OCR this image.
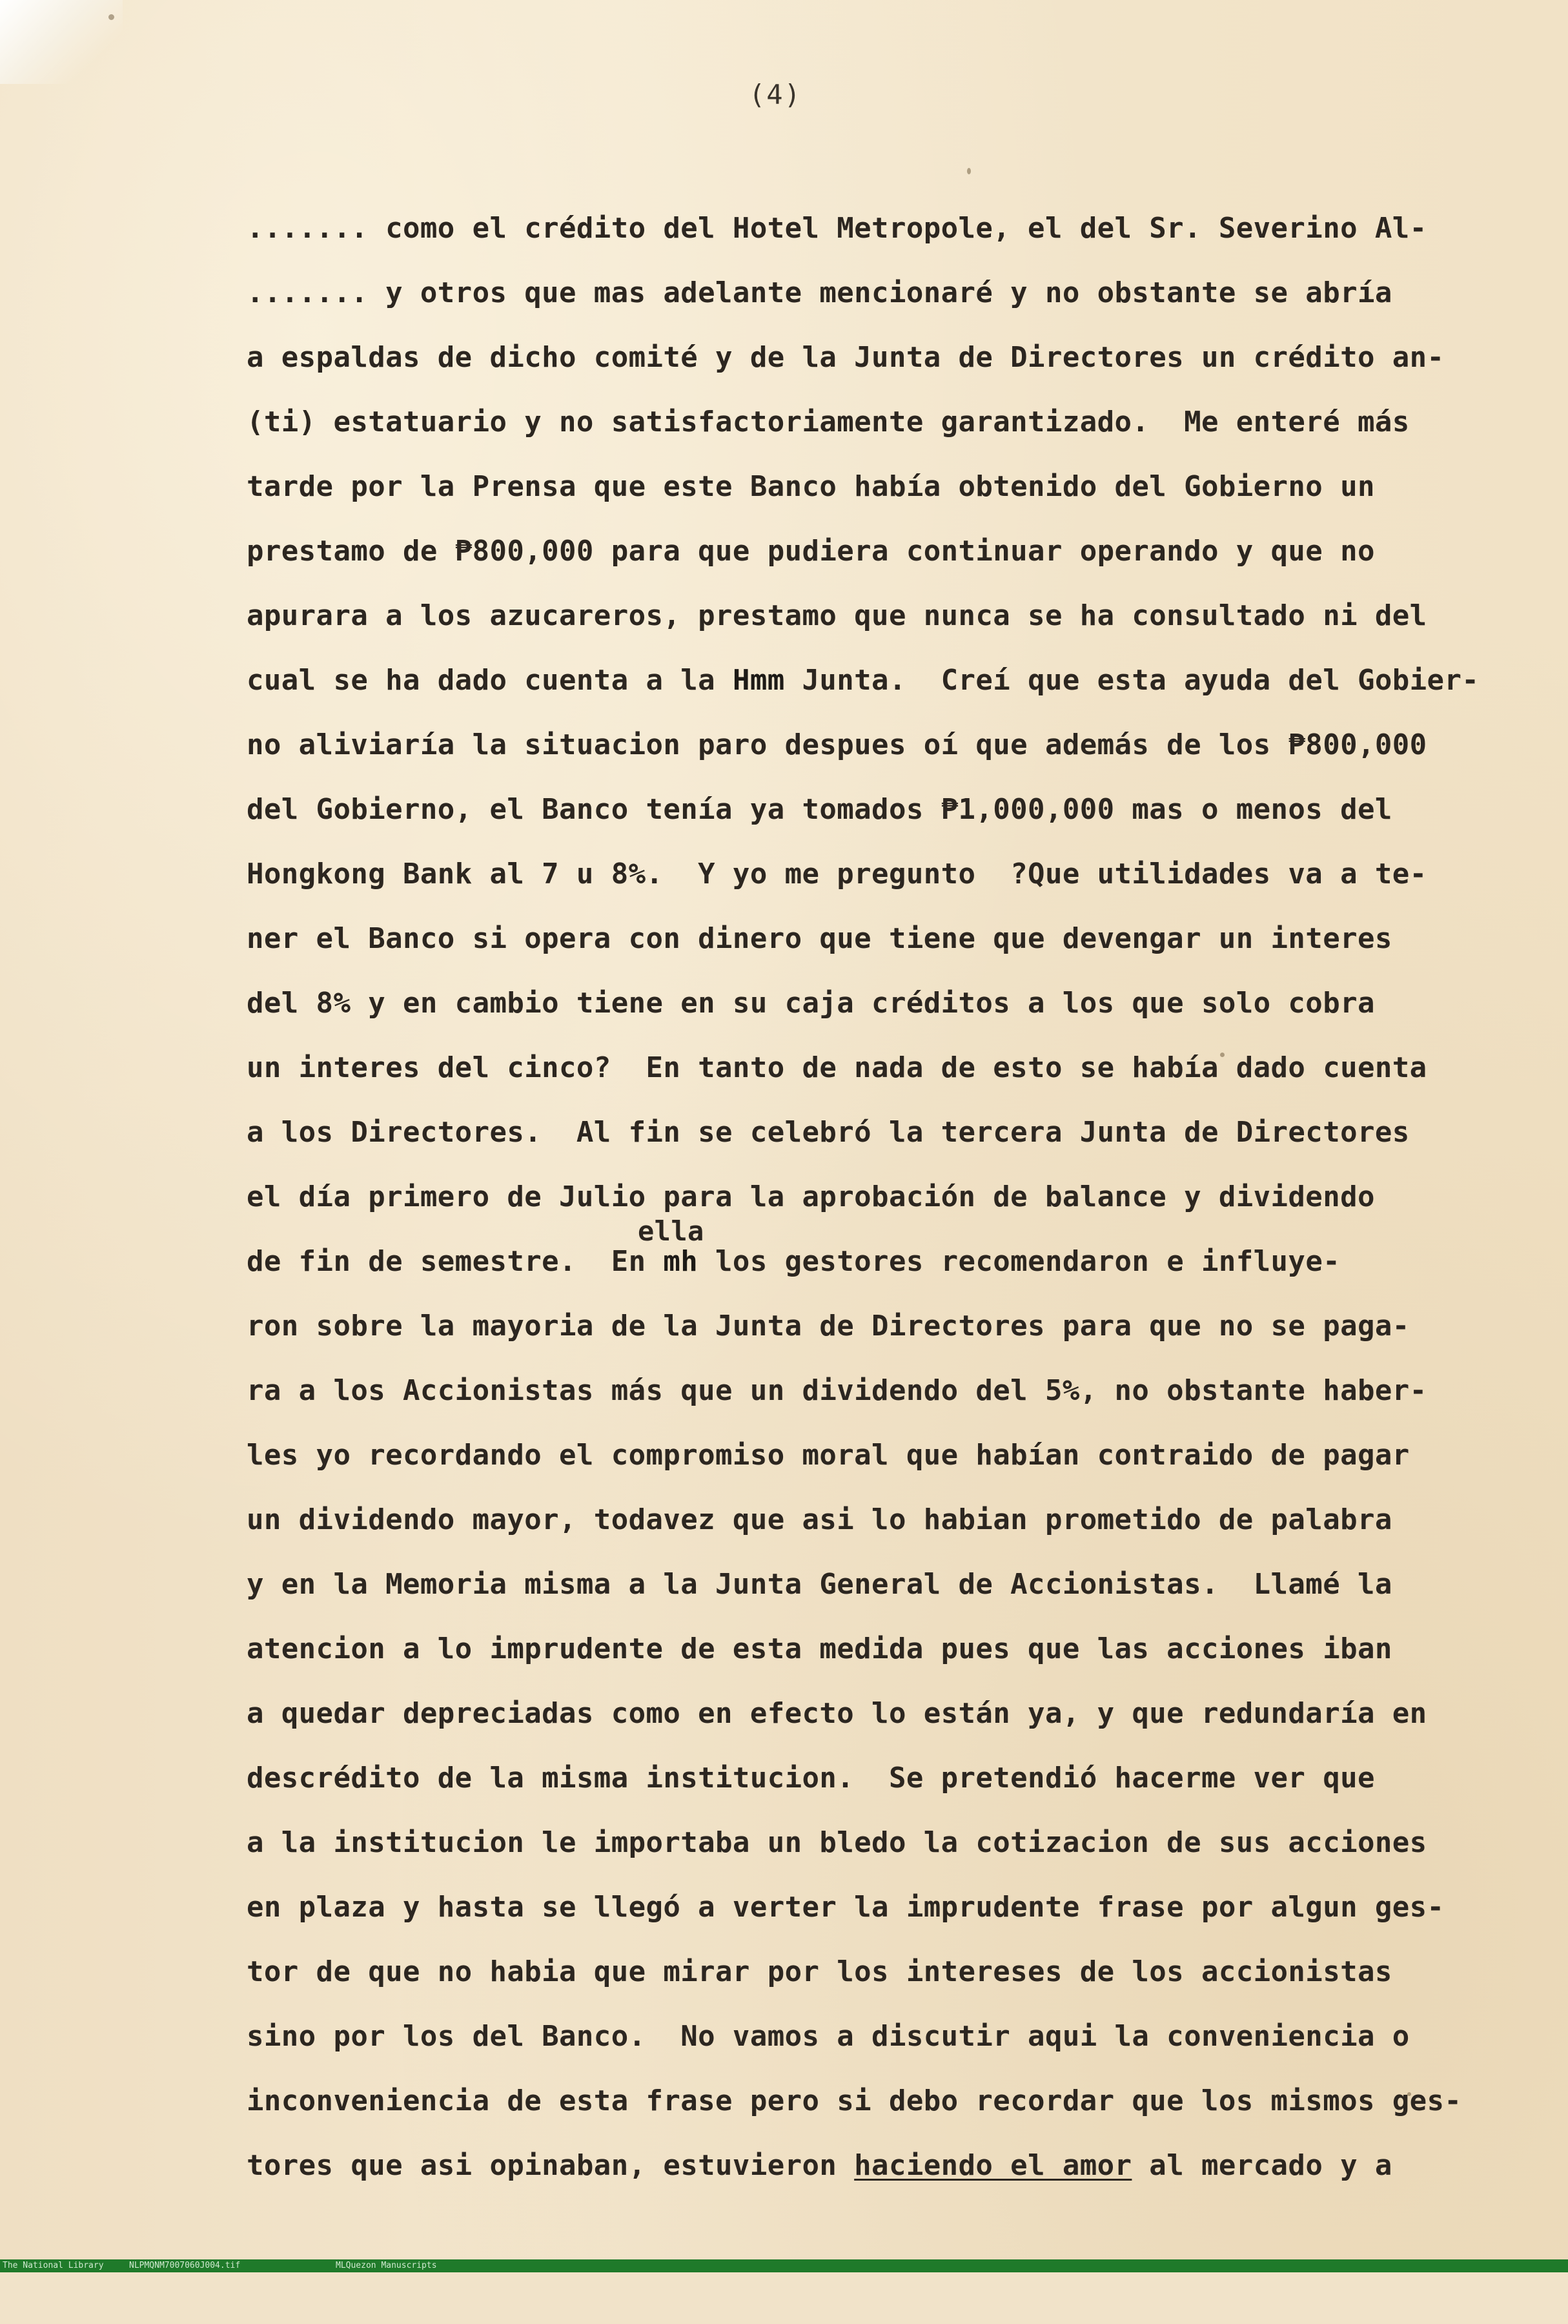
(4)
....... como el crédito del Hotel Metropole, el del Sr. Severino Al-
....... y otros que mas adelante mencionaré y no obstante se abría
a espaldas de dicho comité y de la Junta de Directores un crédito an-
(ti) estatuario y no satisfactoriamente garantizado.  Me enteré más
tarde por la Prensa que este Banco había obtenido del Gobierno un
prestamo de ₱800,000 para que pudiera continuar operando y que no
apurara a los azucareros, prestamo que nunca se ha consultado ni del
cual se ha dado cuenta a la Hmm Junta.  Creí que esta ayuda del Gobier-
no aliviaría la situacion paro despues oí que además de los ₱800,000
del Gobierno, el Banco tenía ya tomados ₱1,000,000 mas o menos del
Hongkong Bank al 7 u 8%.  Y yo me pregunto  ?Que utilidades va a te-
ner el Banco si opera con dinero que tiene que devengar un interes
del 8% y en cambio tiene en su caja créditos a los que solo cobra
un interes del cinco?  En tanto de nada de esto se había dado cuenta
a los Directores.  Al fin se celebró la tercera Junta de Directores
el día primero de Julio para la aprobación de balance y dividendo
de fin de semestre.  En mh los gestores recomendaron e influye-
ron sobre la mayoria de la Junta de Directores para que no se paga-
ra a los Accionistas más que un dividendo del 5%, no obstante haber-
les yo recordando el compromiso moral que habían contraido de pagar
un dividendo mayor, todavez que asi lo habian prometido de palabra
y en la Memoria misma a la Junta General de Accionistas.  Llamé la
atencion a lo imprudente de esta medida pues que las acciones iban
a quedar depreciadas como en efecto lo están ya, y que redundaría en
descrédito de la misma institucion.  Se pretendió hacerme ver que
a la institucion le importaba un bledo la cotizacion de sus acciones
en plaza y hasta se llegó a verter la imprudente frase por algun ges-
tor de que no habia que mirar por los intereses de los accionistas
sino por los del Banco.  No vamos a discutir aqui la conveniencia o
inconveniencia de esta frase pero si debo recordar que los mismos ges-
tores que asi opinaban, estuvieron haciendo el amor al mercado y a
ella

The National Library

	NLPMQNM7007060J004.tif

	MLQuezon Manuscripts
